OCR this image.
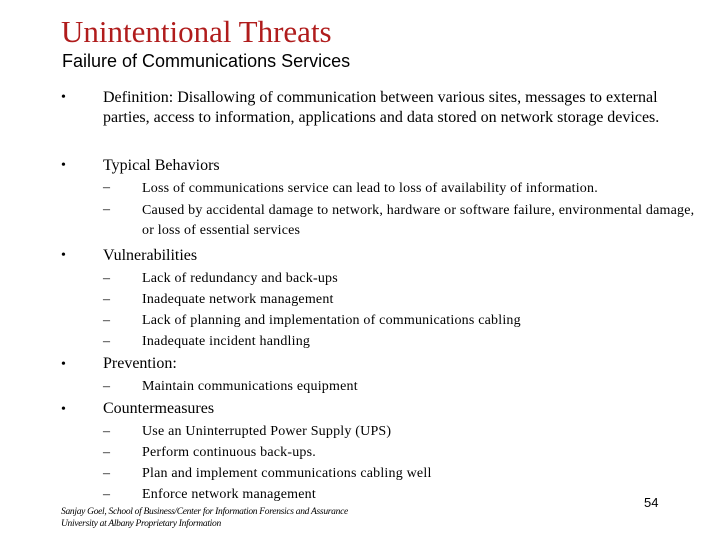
Unintentional Threats
Failure of Communications Services
• Definition: Disallowing of communication between various sites, messages to external parties, access to information, applications and data stored on network storage devices.
• Typical Behaviors
– Loss of communications service can lead to loss of availability of information.
– Caused by accidental damage to network, hardware or software failure, environmental damage, or loss of essential services
• Vulnerabilities
– Lack of redundancy and back-ups
– Inadequate network management
– Lack of planning and implementation of communications cabling
– Inadequate incident handling
• Prevention:
– Maintain communications equipment
• Countermeasures
– Use an Uninterrupted Power Supply (UPS)
– Perform continuous back-ups.
– Plan and implement communications cabling well
– Enforce network management
Sanjay Goel, School of Business/Center for Information Forensics and Assurance
University at Albany Proprietary Information
54
